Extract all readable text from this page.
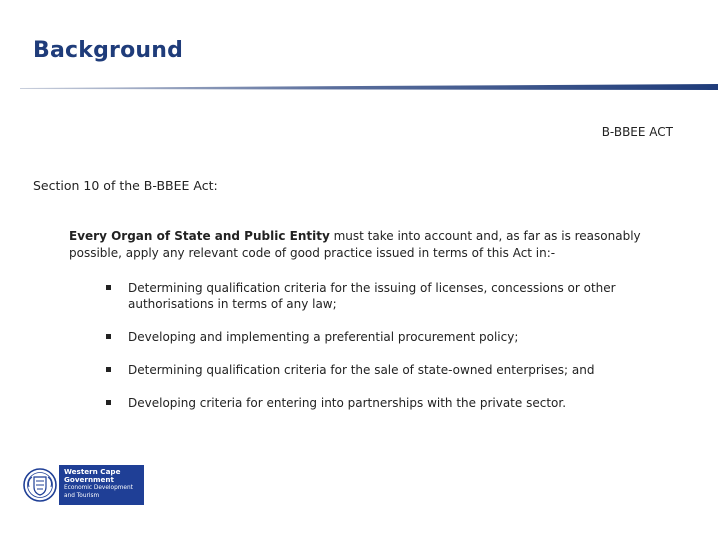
Background
B-BBEE ACT
Section 10 of the B-BBEE Act:
Every Organ of State and Public Entity must take into account and, as far as is reasonably possible, apply any relevant code of good practice issued in terms of this Act in:-
Determining qualification criteria for the issuing of licenses, concessions or other authorisations in terms of any law;
Developing and implementing a preferential procurement policy;
Determining qualification criteria for the sale of state-owned enterprises; and
Developing criteria for entering into partnerships with the private sector.
Western Cape
Government
Economic Development
and Tourism
